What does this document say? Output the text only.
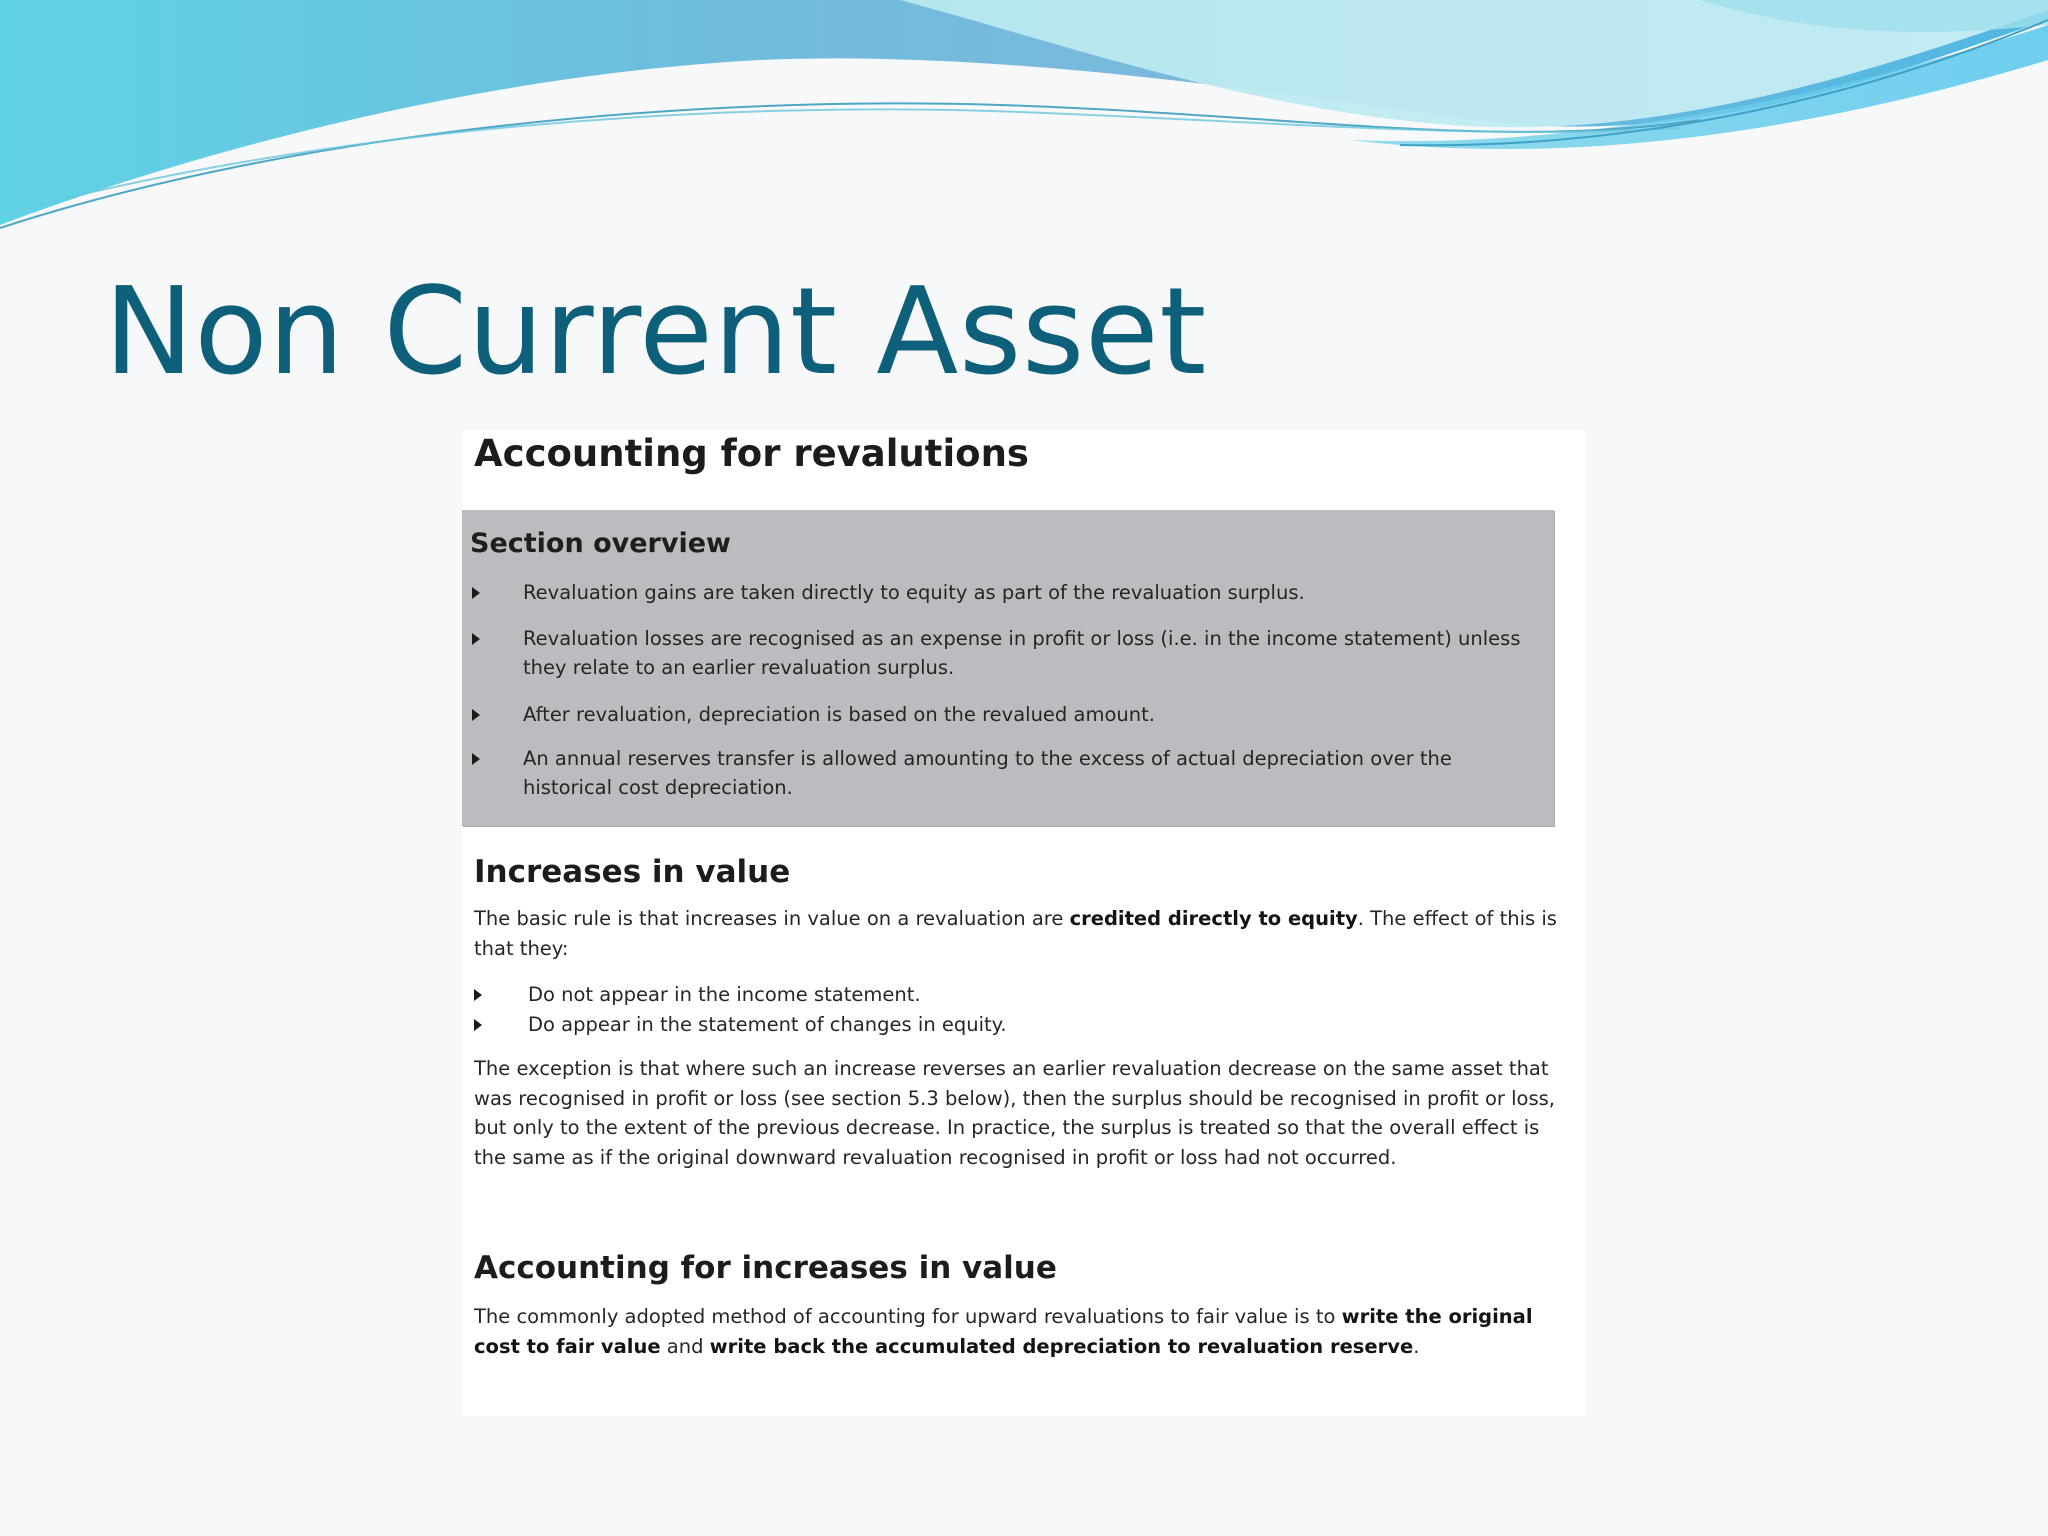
Non Current Asset
Accounting for revalutions
Section overview
Revaluation gains are taken directly to equity as part of the revaluation surplus.
Revaluation losses are recognised as an expense in profit or loss (i.e. in the income statement) unless they relate to an earlier revaluation surplus.
After revaluation, depreciation is based on the revalued amount.
An annual reserves transfer is allowed amounting to the excess of actual depreciation over the historical cost depreciation.
Increases in value

The basic rule is that increases in value on a revaluation are credited directly to equity. The effect of this is that they:

Do not appear in the income statement.
Do appear in the statement of changes in equity.

The exception is that where such an increase reverses an earlier revaluation decrease on the same asset that was recognised in profit or loss (see section 5.3 below), then the surplus should be recognised in profit or loss, but only to the extent of the previous decrease. In practice, the surplus is treated so that the overall effect is the same as if the original downward revaluation recognised in profit or loss had not occurred.

Accounting for increases in value

The commonly adopted method of accounting for upward revaluations to fair value is to write the original cost to fair value and write back the accumulated depreciation to revaluation reserve.
